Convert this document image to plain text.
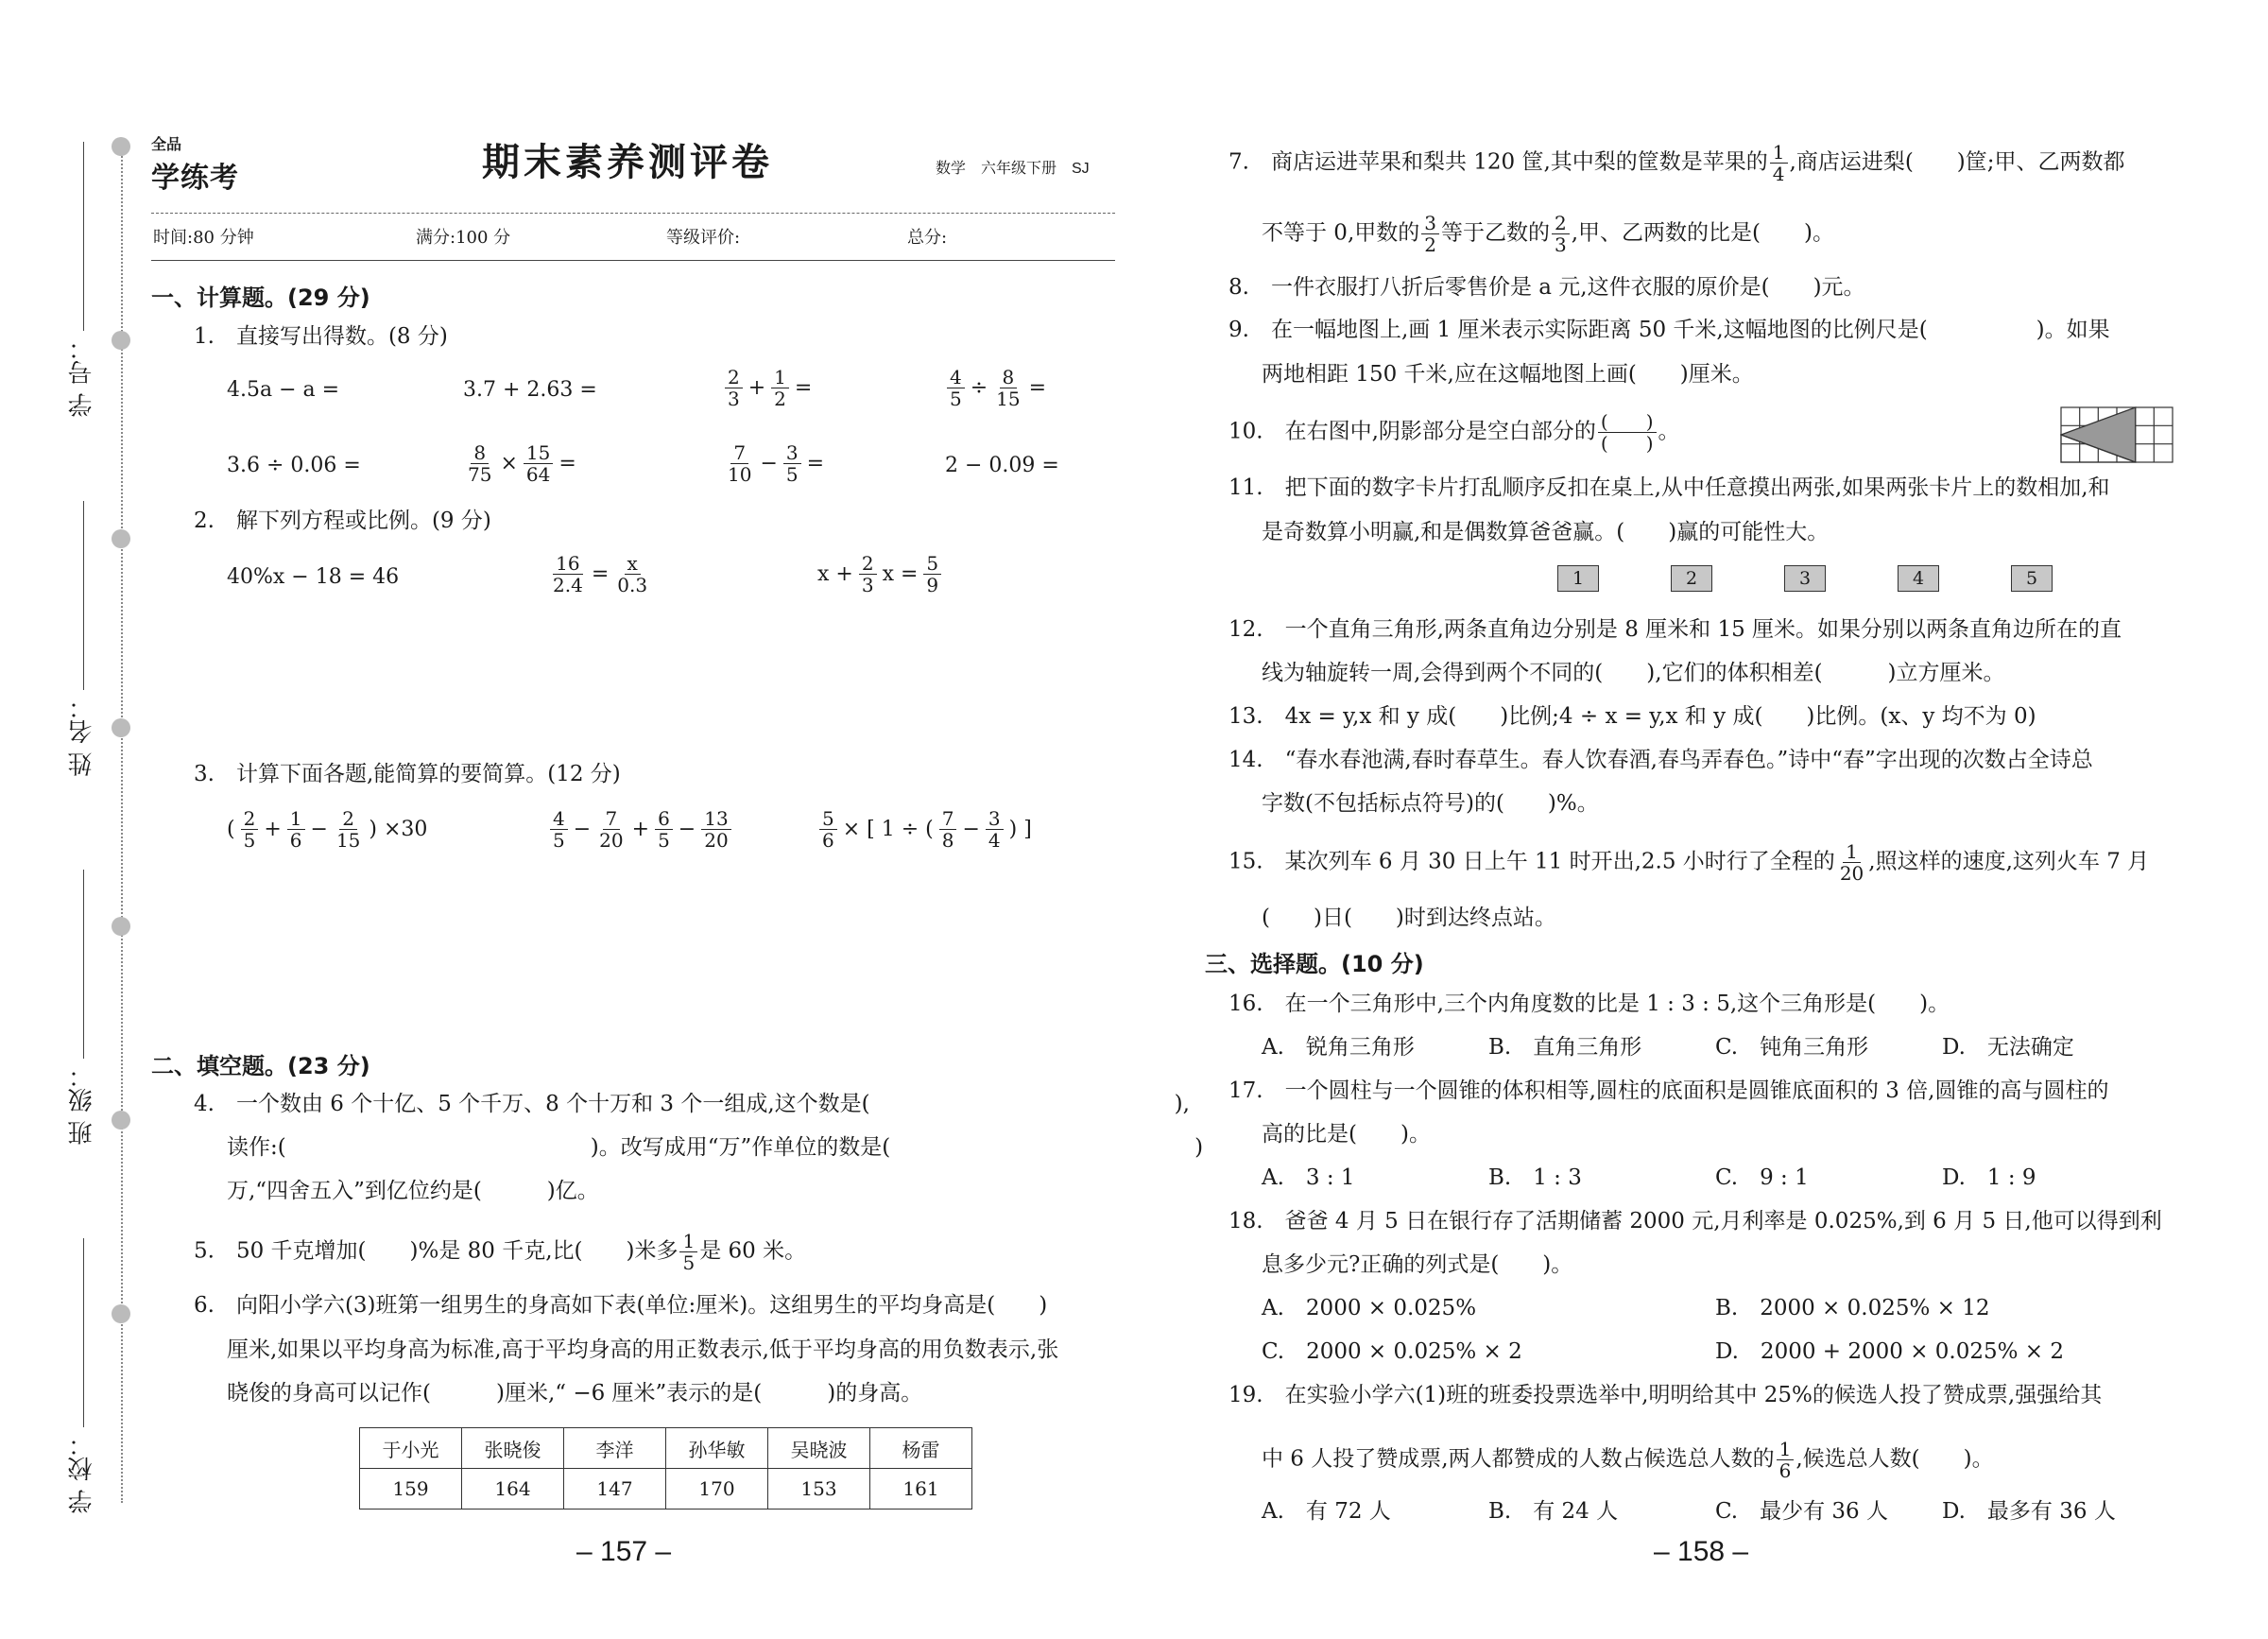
学 号：
姓 名：
班 级：
学 校：
全品
学练考	期末素养测评卷	数学　六年级下册　SJ
时间:80 分钟	满分:100 分	等级评价:	总分:
一、计算题。(29 分)
1.　直接写出得数。(8 分)
4.5a − a =	3.7 + 2.63 =	$\frac{2}{3} + \frac{1}{2}$ =	$\frac{4}{5} \div \frac{8}{15}$ =
3.6 ÷ 0.06 =	$\frac{8}{75} \times \frac{15}{64}$ =	$\frac{7}{10} - \frac{3}{5}$ =	2 − 0.09 =
2.　解下列方程或比例。(9 分)
40%x − 18 = 46	$\frac{16}{2.4} = \frac{x}{0.3}$	$x + \frac{2}{3}$ $x = \frac{5}{9}$
3.　计算下面各题,能简算的要简算。(12 分)
( $\frac{2}{5} + \frac{1}{6} - \frac{2}{15}$ ) ×30	$\frac{4}{5} - \frac{7}{20} + \frac{6}{5} - \frac{13}{20}$	$\frac{5}{6}$ × [ 1 ÷ ( $\frac{7}{8} - \frac{3}{4}$ ) ]
二、填空题。(23 分)
4.　一个数由 6 个十亿、5 个千万、8 个十万和 3 个一组成,这个数是(　　　　　　　　　　　　　　),
读作:(　　　　　　　　　　　　　　)。改写成用“万”作单位的数是(　　　　　　　　　　　　　　)
万,“四舍五入”到亿位约是(　　　)亿。
5.　50 千克增加(　　)%是 80 千克,比(　　)米多 $\frac{1}{5}$ 是 60 米。
6.　向阳小学六(3)班第一组男生的身高如下表(单位:厘米)。这组男生的平均身高是(　　)
厘米,如果以平均身高为标准,高于平均身高的用正数表示,低于平均身高的用负数表示,张
晓俊的身高可以记作(　　　)厘米,“ −6 厘米”表示的是(　　　)的身高。
于小光	张晓俊	李洋	孙华敏	吴晓波	杨雷
159	164	147	170	153	161
– 157 –
7.　商店运进苹果和梨共 120 筐,其中梨的筐数是苹果的 $\frac{1}{4}$ ,商店运进梨(　　)筐;甲、乙两数都
不等于 0,甲数的 $\frac{3}{2}$ 等于乙数的 $\frac{2}{3}$ ,甲、乙两数的比是(　　)。
8.　一件衣服打八折后零售价是 a 元,这件衣服的原价是(　　)元。
9.　在一幅地图上,画 1 厘米表示实际距离 50 千米,这幅地图的比例尺是(　　　　　)。如果
两地相距 150 千米,应在这幅地图上画(　　)厘米。
10.　在右图中,阴影部分是空白部分的 $\frac{( )}{( )}$ 。
11.　把下面的数字卡片打乱顺序反扣在桌上,从中任意摸出两张,如果两张卡片上的数相加,和
是奇数算小明赢,和是偶数算爸爸赢。(　　)赢的可能性大。
1	2	3	4	5
12.　一个直角三角形,两条直角边分别是 8 厘米和 15 厘米。如果分别以两条直角边所在的直
线为轴旋转一周,会得到两个不同的(　　),它们的体积相差(　　　)立方厘米。
13.　4x = y,x 和 y 成(　　)比例;4 ÷ x = y,x 和 y 成(　　)比例。(x、y 均不为 0)
14.　“春水春池满,春时春草生。春人饮春酒,春鸟弄春色。”诗中“春”字出现的次数占全诗总
字数(不包括标点符号)的(　　)%。
15.　某次列车 6 月 30 日上午 11 时开出,2.5 小时行了全程的 $\frac{1}{20}$ ,照这样的速度,这列火车 7 月
(　　)日(　　)时到达终点站。
三、选择题。(10 分)
16.　在一个三角形中,三个内角度数的比是 1 : 3 : 5,这个三角形是(　　)。
A.　锐角三角形	B.　直角三角形	C.　钝角三角形	D.　无法确定
17.　一个圆柱与一个圆锥的体积相等,圆柱的底面积是圆锥底面积的 3 倍,圆锥的高与圆柱的
高的比是(　　)。
A.　3 : 1	B.　1 : 3	C.　9 : 1	D.　1 : 9
18.　爸爸 4 月 5 日在银行存了活期储蓄 2000 元,月利率是 0.025%,到 6 月 5 日,他可以得到利
息多少元?正确的列式是(　　)。
A.　2000 × 0.025%	B.　2000 × 0.025% × 12
C.　2000 × 0.025% × 2	D.　2000 + 2000 × 0.025% × 2
19.　在实验小学六(1)班的班委投票选举中,明明给其中 25%的候选人投了赞成票,强强给其
中 6 人投了赞成票,两人都赞成的人数占候选总人数的 $\frac{1}{6}$ ,候选总人数(　　)。
A.　有 72 人	B.　有 24 人	C.　最少有 36 人 D.　最多有 36 人
– 158 –
